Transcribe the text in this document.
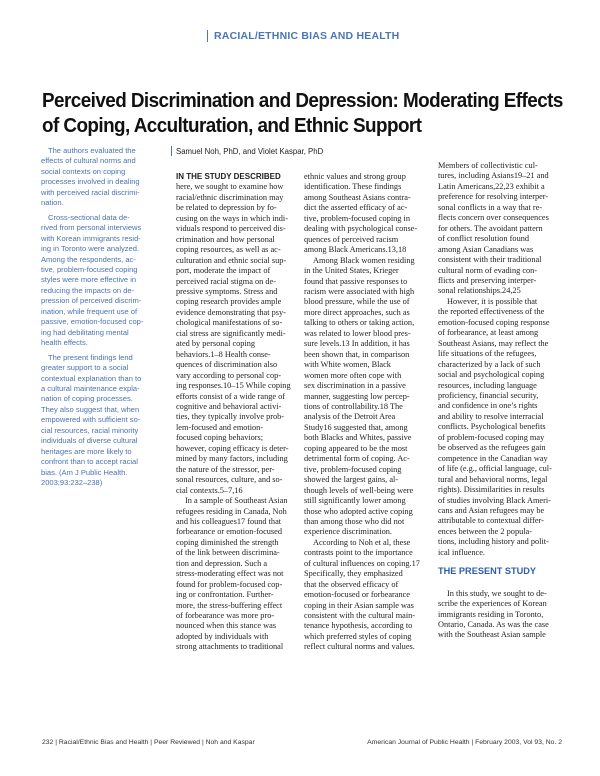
RACIAL/ETHNIC BIAS AND HEALTH
Perceived Discrimination and Depression: Moderating Effects
of Coping, Acculturation, and Ethnic Support
Samuel Noh, PhD, and Violet Kaspar, PhD

The authors evaluated the
effects of cultural norms and
social contexts on coping
processes involved in dealing
with perceived racial discrimi-
nation.

Cross-sectional data de-
rived from personal interviews
with Korean immigrants resid-
ing in Toronto were analyzed.
Among the respondents, ac-
tive, problem-focused coping
styles were more effective in
reducing the impacts on de-
pression of perceived discrim-
ination, while frequent use of
passive, emotion-focused cop-
ing had debilitating mental
health effects.

The present findings lend
greater support to a social
contextual explanation than to
a cultural maintenance expla-
nation of coping processes.
They also suggest that, when
empowered with sufficient so-
cial resources, racial minority
individuals of diverse cultural
heritages are more likely to
confront than to accept racial
bias. (Am J Public Health.
2003;93:232–238)

IN THE STUDY DESCRIBED

here, we sought to examine how
racial/ethnic discrimination may
be related to depression by fo-
cusing on the ways in which indi-
viduals respond to perceived dis-
crimination and how personal
coping resources, as well as ac-
culturation and ethnic social sup-
port, moderate the impact of
perceived racial stigma on de-
pressive symptoms. Stress and
coping research provides ample
evidence demonstrating that psy-
chological manifestations of so-
cial stress are significantly medi-
ated by personal coping
behaviors.1–8 Health conse-
quences of discrimination also
vary according to personal cop-
ing responses.10–15 While coping
efforts consist of a wide range of
cognitive and behavioral activi-
ties, they typically involve prob-
lem-focused and emotion-
focused coping behaviors;
however, coping efficacy is deter-
mined by many factors, including
the nature of the stressor, per-
sonal resources, culture, and so-
cial contexts.5–7,16

In a sample of Southeast Asian
refugees residing in Canada, Noh
and his colleagues17 found that
forbearance or emotion-focused
coping diminished the strength
of the link between discrimina-
tion and depression. Such a
stress-moderating effect was not
found for problem-focused cop-
ing or confrontation. Further-
more, the stress-buffering effect
of forbearance was more pro-
nounced when this stance was
adopted by individuals with
strong attachments to traditional

ethnic values and strong group
identification. These findings
among Southeast Asians contra-
dict the asserted efficacy of ac-
tive, problem-focused coping in
dealing with psychological conse-
quences of perceived racism
among Black Americans.13,18

Among Black women residing
in the United States, Krieger
found that passive responses to
racism were associated with high
blood pressure, while the use of
more direct approaches, such as
talking to others or taking action,
was related to lower blood pres-
sure levels.13 In addition, it has
been shown that, in comparison
with White women, Black
women more often cope with
sex discrimination in a passive
manner, suggesting low percep-
tions of controllability.18 The
analysis of the Detroit Area
Study16 suggested that, among
both Blacks and Whites, passive
coping appeared to be the most
detrimental form of coping. Ac-
tive, problem-focused coping
showed the largest gains, al-
though levels of well-being were
still significantly lower among
those who adopted active coping
than among those who did not
experience discrimination.

According to Noh et al, these
contrasts point to the importance
of cultural influences on coping.17
Specifically, they emphasized
that the observed efficacy of
emotion-focused or forbearance
coping in their Asian sample was
consistent with the cultural main-
tenance hypothesis, according to
which preferred styles of coping
reflect cultural norms and values.

Members of collectivistic cul-
tures, including Asians19–21 and
Latin Americans,22,23 exhibit a
preference for resolving interper-
sonal conflicts in a way that re-
flects concern over consequences
for others. The avoidant pattern
of conflict resolution found
among Asian Canadians was
consistent with their traditional
cultural norm of evading con-
flicts and preserving interper-
sonal relationships.24,25

However, it is possible that
the reported effectiveness of the
emotion-focused coping response
of forbearance, at least among
Southeast Asians, may reflect the
life situations of the refugees,
characterized by a lack of such
social and psychological coping
resources, including language
proficiency, financial security,
and confidence in one’s rights
and ability to resolve interracial
conflicts. Psychological benefits
of problem-focused coping may
be observed as the refugees gain
competence in the Canadian way
of life (e.g., official language, cul-
tural and behavioral norms, legal
rights). Dissimilarities in results
of studies involving Black Ameri-
cans and Asian refugees may be
attributable to contextual differ-
ences between the 2 popula-
tions, including history and polit-
ical influence.

THE PRESENT STUDY

In this study, we sought to de-
scribe the experiences of Korean
immigrants residing in Toronto,
Ontario, Canada. As was the case
with the Southeast Asian sample

232 | Racial/Ethnic Bias and Health | Peer Reviewed | Noh and Kaspar	American Journal of Public Health | February 2003, Vol 93, No. 2
